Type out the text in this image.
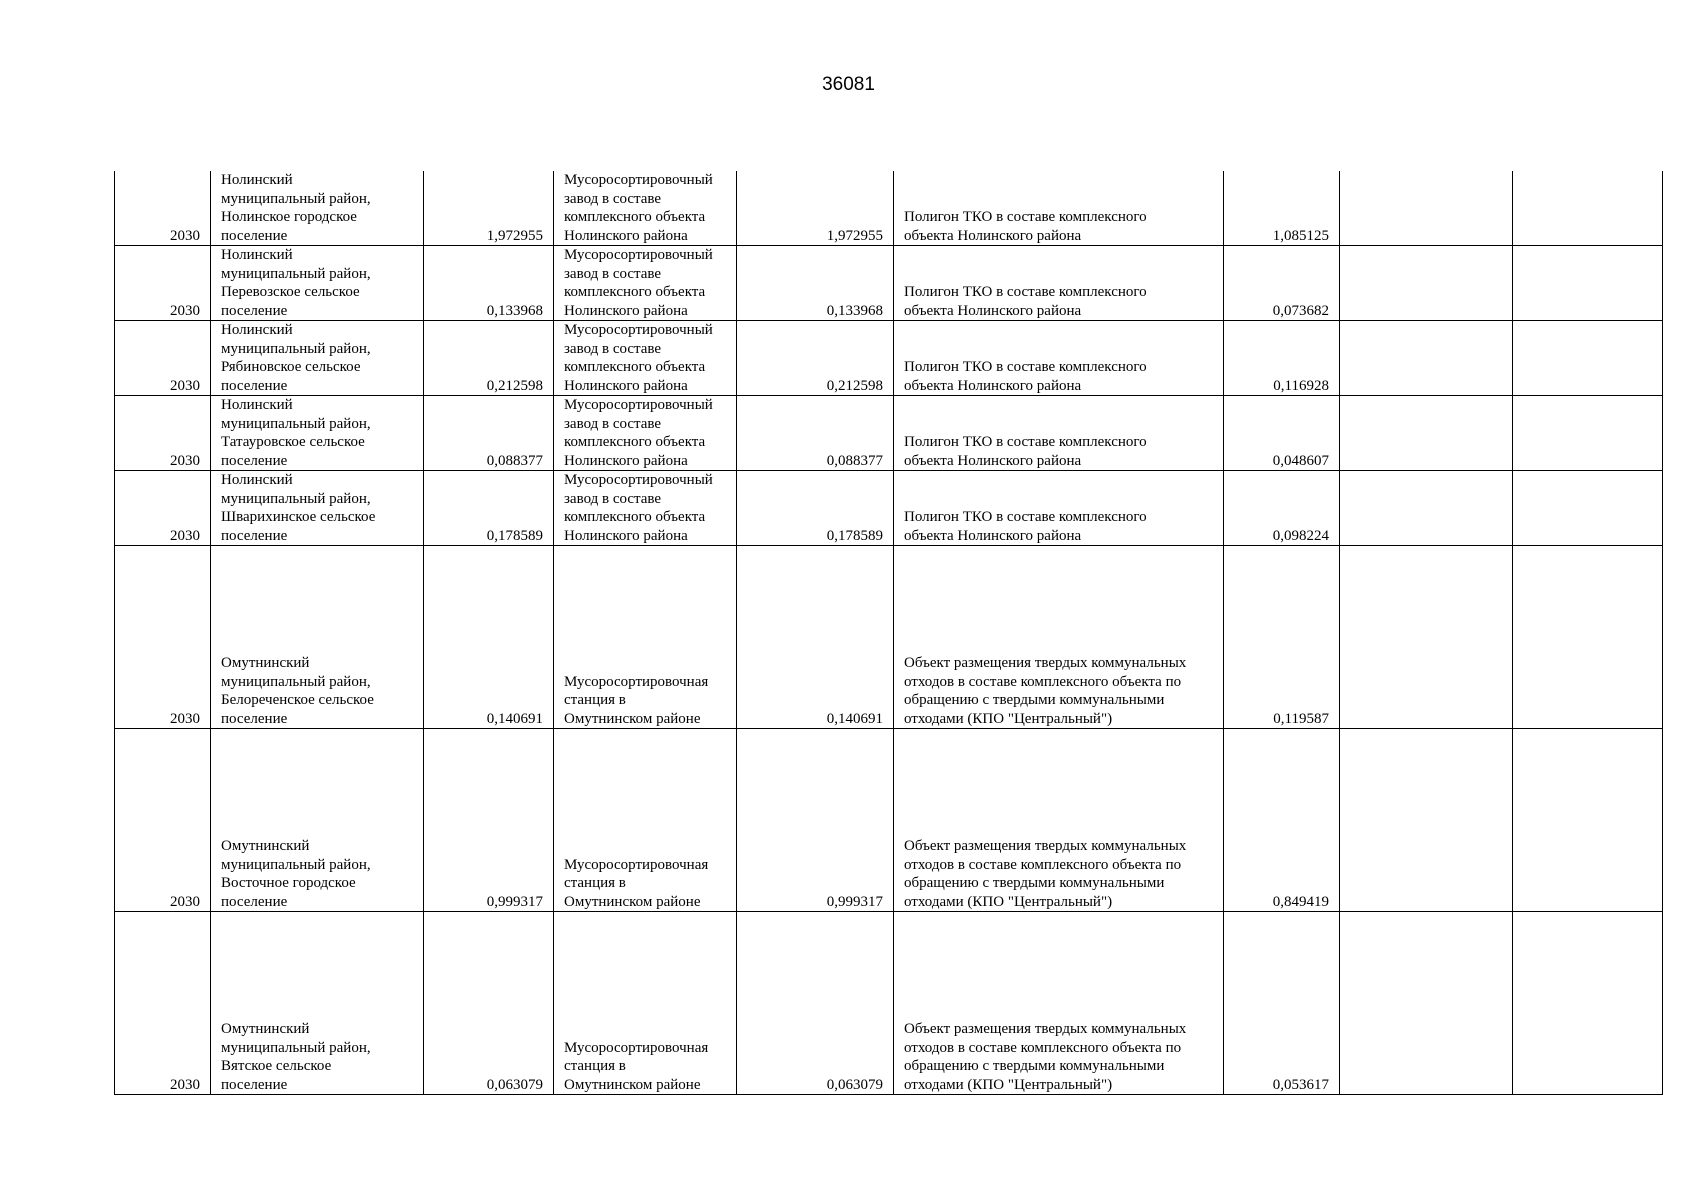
36081
2030	Нолинский
муниципальный район,
Нолинское городское
поселение	1,972955	Мусоросортировочный
завод в составе
комплексного объекта
Нолинского района	1,972955	Полигон ТКО в составе комплексного
объекта Нолинского района	1,085125		
2030	Нолинский
муниципальный район,
Перевозское сельское
поселение	0,133968	Мусоросортировочный
завод в составе
комплексного объекта
Нолинского района	0,133968	Полигон ТКО в составе комплексного
объекта Нолинского района	0,073682		
2030	Нолинский
муниципальный район,
Рябиновское сельское
поселение	0,212598	Мусоросортировочный
завод в составе
комплексного объекта
Нолинского района	0,212598	Полигон ТКО в составе комплексного
объекта Нолинского района	0,116928		
2030	Нолинский
муниципальный район,
Татауровское сельское
поселение	0,088377	Мусоросортировочный
завод в составе
комплексного объекта
Нолинского района	0,088377	Полигон ТКО в составе комплексного
объекта Нолинского района	0,048607		
2030	Нолинский
муниципальный район,
Шварихинское сельское
поселение	0,178589	Мусоросортировочный
завод в составе
комплексного объекта
Нолинского района	0,178589	Полигон ТКО в составе комплексного
объекта Нолинского района	0,098224		
2030	Омутнинский
муниципальный район,
Белореченское сельское
поселение	0,140691	Мусоросортировочная
станция в
Омутнинском районе	0,140691	Объект размещения твердых коммунальных
отходов в составе комплексного объекта по
обращению с твердыми коммунальными
отходами (КПО "Центральный")	0,119587		
2030	Омутнинский
муниципальный район,
Восточное городское
поселение	0,999317	Мусоросортировочная
станция в
Омутнинском районе	0,999317	Объект размещения твердых коммунальных
отходов в составе комплексного объекта по
обращению с твердыми коммунальными
отходами (КПО "Центральный")	0,849419		
2030	Омутнинский
муниципальный район,
Вятское сельское
поселение	0,063079	Мусоросортировочная
станция в
Омутнинском районе	0,063079	Объект размещения твердых коммунальных
отходов в составе комплексного объекта по
обращению с твердыми коммунальными
отходами (КПО "Центральный")	0,053617		
